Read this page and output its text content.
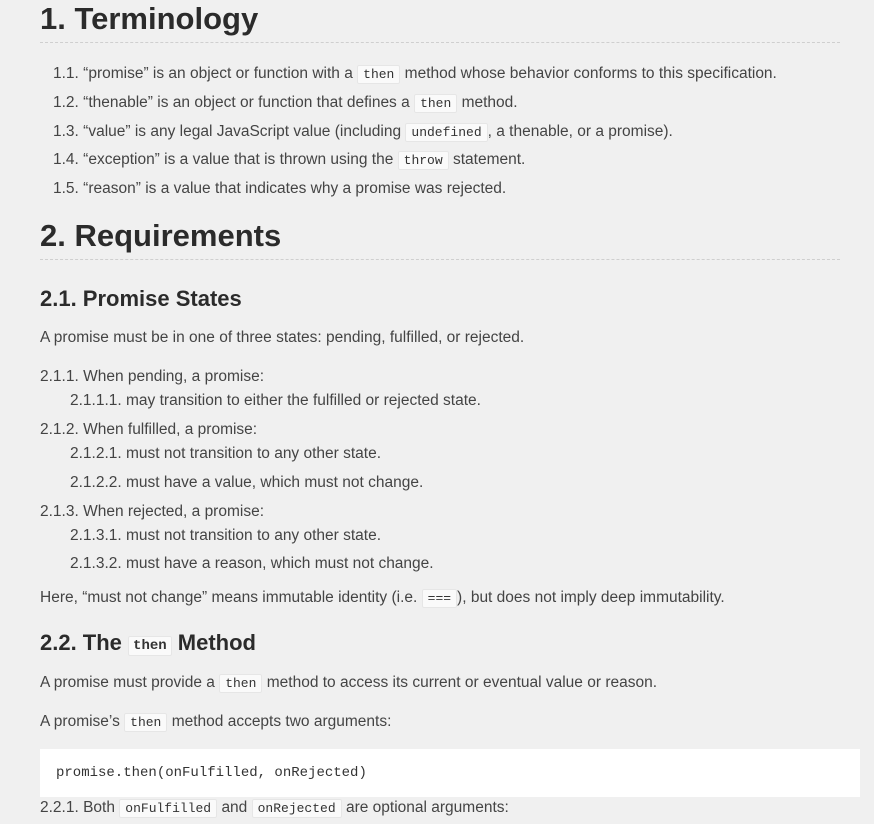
1. Terminology
1.1. “promise” is an object or function with a then method whose behavior conforms to this specification.
1.2. “thenable” is an object or function that defines a then method.
1.3. “value” is any legal JavaScript value (including undefined , a thenable, or a promise).
1.4. “exception” is a value that is thrown using the throw statement.
1.5. “reason” is a value that indicates why a promise was rejected.
2. Requirements
2.1. Promise States
A promise must be in one of three states: pending, fulfilled, or rejected.
2.1.1. When pending, a promise:
2.1.1.1. may transition to either the fulfilled or rejected state.
2.1.2. When fulfilled, a promise:
2.1.2.1. must not transition to any other state.
2.1.2.2. must have a value, which must not change.
2.1.3. When rejected, a promise:
2.1.3.1. must not transition to any other state.
2.1.3.2. must have a reason, which must not change.
Here, “must not change” means immutable identity (i.e. === ), but does not imply deep immutability.
2.2. The then Method
A promise must provide a then method to access its current or eventual value or reason.
A promise’s then method accepts two arguments:
2.2.1. Both onFulfilled and onRejected are optional arguments:
promise.then(onFulfilled, onRejected)
